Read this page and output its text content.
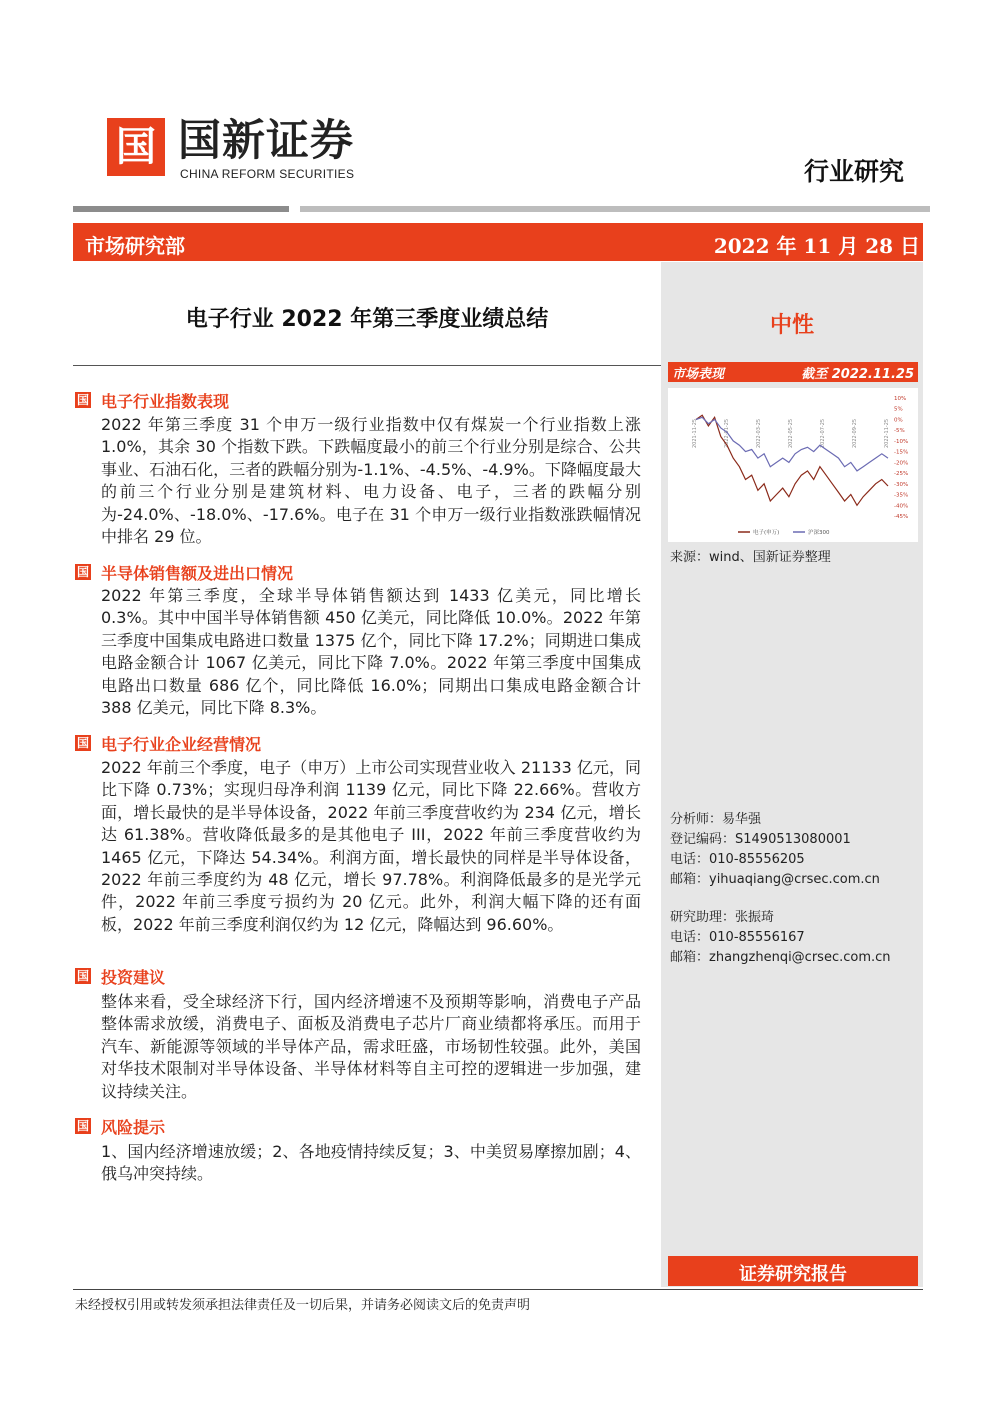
国 国新证券
CHINA REFORM SECURITIES	行业研究
市场研究部	2022 年 11 月 28 日
中性
市场表现	截至 2022.11.25
10%
5%
0%
-5%
-10%
-15%
-20%
-25%
-30%
-35%
-40%
-45%
2021-11-25	2022-01-25	2022-03-25	2022-05-25	2022-07-25	2022-09-25	2022-11-25
电子(申万)	沪深300
来源：wind、国新证券整理
分析师：易华强
登记编码：S1490513080001
电话：010-85556205
邮箱：yihuaqiang@crsec.com.cn
研究助理：张振琦
电话：010-85556167
邮箱：zhangzhenqi@crsec.com.cn
证券研究报告
未经授权引用或转发须承担法律责任及一切后果，并请务必阅读文后的免责声明
电子行业 2022 年第三季度业绩总结
国 电子行业指数表现
2022 年第三季度 31 个申万一级行业指数中仅有煤炭一个行业指数上涨 1.0%，其余 30 个指数下跌。下跌幅度最小的前三个行业分别是综合、公共事业、石油石化，三者的跌幅分别为-1.1%、-4.5%、-4.9%。下降幅度最大的前三个行业分别是建筑材料、电力设备、电子，三者的跌幅分别为-24.0%、-18.0%、-17.6%。电子在 31 个申万一级行业指数涨跌幅情况中排名 29 位。
国 半导体销售额及进出口情况
2022 年第三季度，全球半导体销售额达到 1433 亿美元，同比增长 0.3%。其中中国半导体销售额 450 亿美元，同比降低 10.0%。2022 年第三季度中国集成电路进口数量 1375 亿个，同比下降 17.2%；同期进口集成电路金额合计 1067 亿美元，同比下降 7.0%。2022 年第三季度中国集成电路出口数量 686 亿个，同比降低 16.0%；同期出口集成电路金额合计 388 亿美元，同比下降 8.3%。
国 电子行业企业经营情况
2022 年前三个季度，电子（申万）上市公司实现营业收入 21133 亿元，同比下降 0.73%；实现归母净利润 1139 亿元，同比下降 22.66%。营收方面，增长最快的是半导体设备，2022 年前三季度营收约为 234 亿元，增长达 61.38%。营收降低最多的是其他电子 III，2022 年前三季度营收约为 1465 亿元，下降达 54.34%。利润方面，增长最快的同样是半导体设备，2022 年前三季度约为 48 亿元，增长 97.78%。利润降低最多的是光学元件，2022 年前三季度亏损约为 20 亿元。此外，利润大幅下降的还有面板，2022 年前三季度利润仅约为 12 亿元，降幅达到 96.60%。
国 投资建议
整体来看，受全球经济下行，国内经济增速不及预期等影响，消费电子产品整体需求放缓，消费电子、面板及消费电子芯片厂商业绩都将承压。而用于汽车、新能源等领域的半导体产品，需求旺盛，市场韧性较强。此外，美国对华技术限制对半导体设备、半导体材料等自主可控的逻辑进一步加强，建议持续关注。
国 风险提示
1、国内经济增速放缓；2、各地疫情持续反复；3、中美贸易摩擦加剧；4、俄乌冲突持续。
